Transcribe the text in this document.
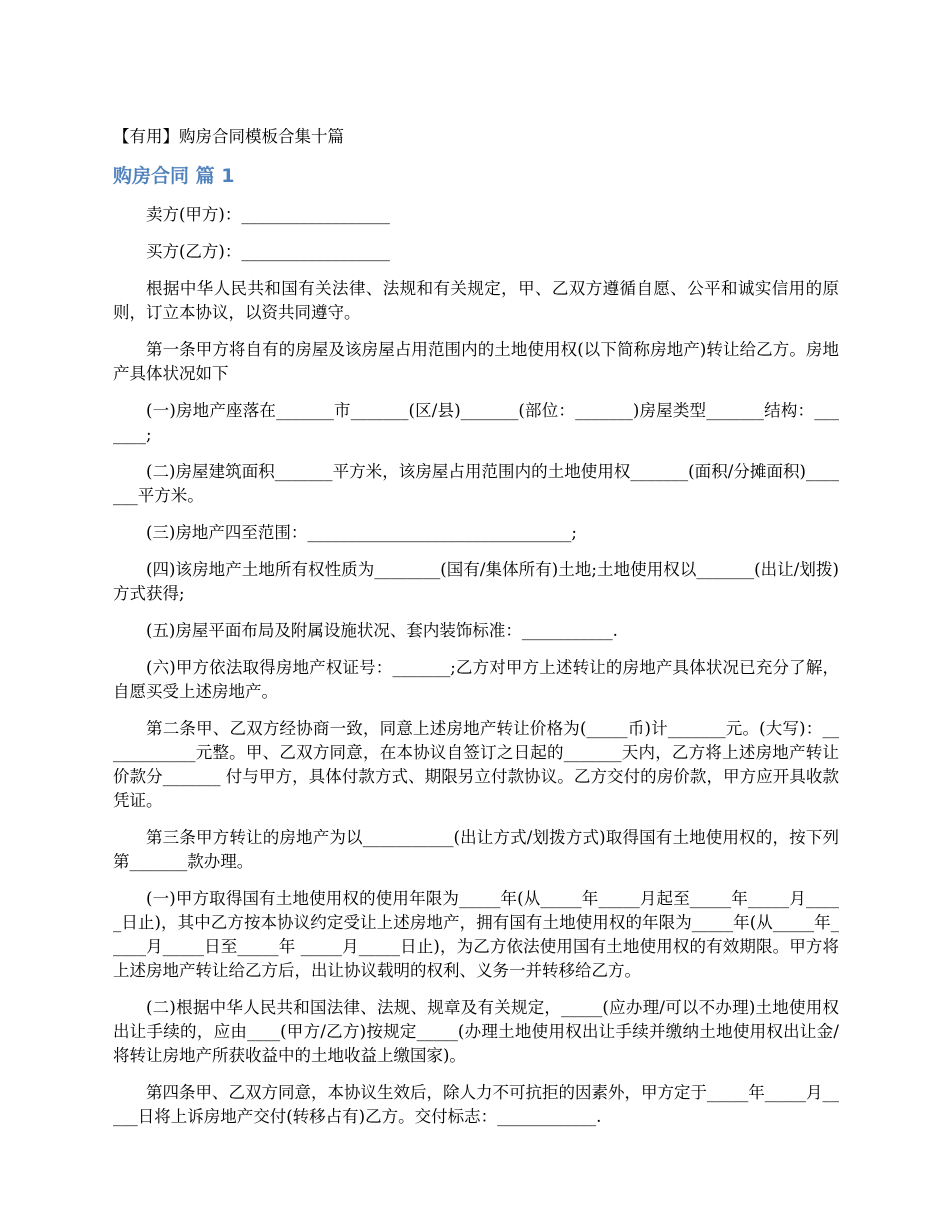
【有用】购房合同模板合集十篇
购房合同 篇 1

卖方(甲方)：__________________

买方(乙方)：__________________

根据中华人民共和国有关法律、法规和有关规定，甲、乙双方遵循自愿、公平和诚实信用的原则，订立本协议，以资共同遵守。

第一条甲方将自有的房屋及该房屋占用范围内的土地使用权(以下简称房地产)转让给乙方。房地产具体状况如下

(一)房地产座落在_______市_______(区/县)_______(部位：_______)房屋类型_______结构：_______;

(二)房屋建筑面积_______平方米，该房屋占用范围内的土地使用权_______(面积/分摊面积)_______平方米。

(三)房地产四至范围：________________________________;

(四)该房地产土地所有权性质为________(国有/集体所有)土地;土地使用权以_______(出让/划拨)方式获得;

(五)房屋平面布局及附属设施状况、套内装饰标准：___________.

(六)甲方依法取得房地产权证号：_______;乙方对甲方上述转让的房地产具体状况已充分了解，自愿买受上述房地产。

第二条甲、乙双方经协商一致，同意上述房地产转让价格为(_____币)计_______元。(大写)：____________元整。甲、乙双方同意，在本协议自签订之日起的_______天内，乙方将上述房地产转让价款分_______ 付与甲方，具体付款方式、期限另立付款协议。乙方交付的房价款，甲方应开具收款凭证。

第三条甲方转让的房地产为以___________(出让方式/划拨方式)取得国有土地使用权的，按下列第_______款办理。

(一)甲方取得国有土地使用权的使用年限为_____年(从_____年_____月起至_____年_____月_____日止)，其中乙方按本协议约定受让上述房地产，拥有国有土地使用权的年限为_____年(从_____年_____月_____日至_____年 _____月_____日止)，为乙方依法使用国有土地使用权的有效期限。甲方将上述房地产转让给乙方后，出让协议载明的权利、义务一并转移给乙方。

(二)根据中华人民共和国法律、法规、规章及有关规定，_____(应办理/可以不办理)土地使用权出让手续的，应由____(甲方/乙方)按规定_____(办理土地使用权出让手续并缴纳土地使用权出让金/将转让房地产所获收益中的土地收益上缴国家)。

第四条甲、乙双方同意，本协议生效后，除人力不可抗拒的因素外，甲方定于_____年_____月_____日将上诉房地产交付(转移占有)乙方。交付标志：____________.
